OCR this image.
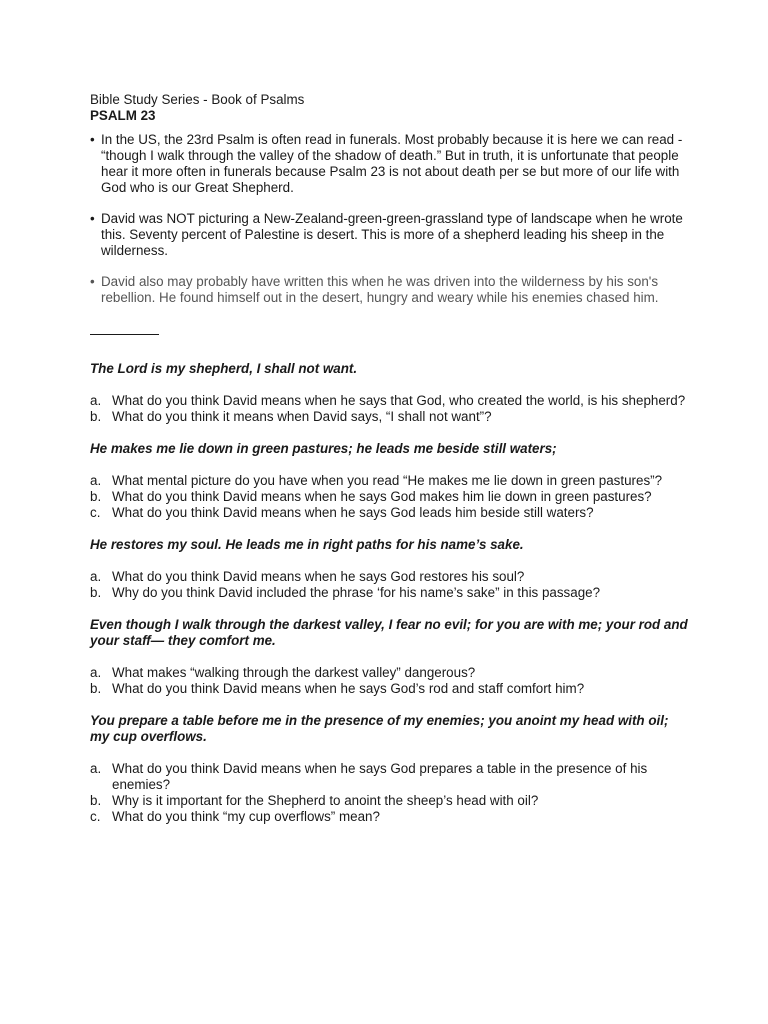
Bible Study Series - Book of Psalms

PSALM 23

• In the US, the 23rd Psalm is often read in funerals. Most probably because it is here we can read - “though I walk through the valley of the shadow of death.” But in truth, it is unfortunate that people hear it more often in funerals because Psalm 23 is not about death per se but more of our life with God who is our Great Shepherd.
• David was NOT picturing a New-Zealand-green-green-grassland type of landscape when he wrote this. Seventy percent of Palestine is desert. This is more of a shepherd leading his sheep in the wilderness.
• David also may probably have written this when he was driven into the wilderness by his son's rebellion. He found himself out in the desert, hungry and weary while his enemies chased him.

The Lord is my shepherd, I shall not want.

a. What do you think David means when he says that God, who created the world, is his shepherd?
b. What do you think it means when David says, “I shall not want”?

He makes me lie down in green pastures; he leads me beside still waters;

a. What mental picture do you have when you read “He makes me lie down in green pastures”?
b. What do you think David means when he says God makes him lie down in green pastures?
c. What do you think David means when he says God leads him beside still waters?

He restores my soul. He leads me in right paths for his name’s sake.

a. What do you think David means when he says God restores his soul?
b. Why do you think David included the phrase ‘for his name’s sake” in this passage?

Even though I walk through the darkest valley, I fear no evil; for you are with me; your rod and your staff— they comfort me.

a. What makes “walking through the darkest valley” dangerous?
b. What do you think David means when he says God’s rod and staff comfort him?

You prepare a table before me in the presence of my enemies; you anoint my head with oil; my cup overflows.

a. What do you think David means when he says God prepares a table in the presence of his enemies?
b. Why is it important for the Shepherd to anoint the sheep’s head with oil?
c. What do you think “my cup overflows” mean?
